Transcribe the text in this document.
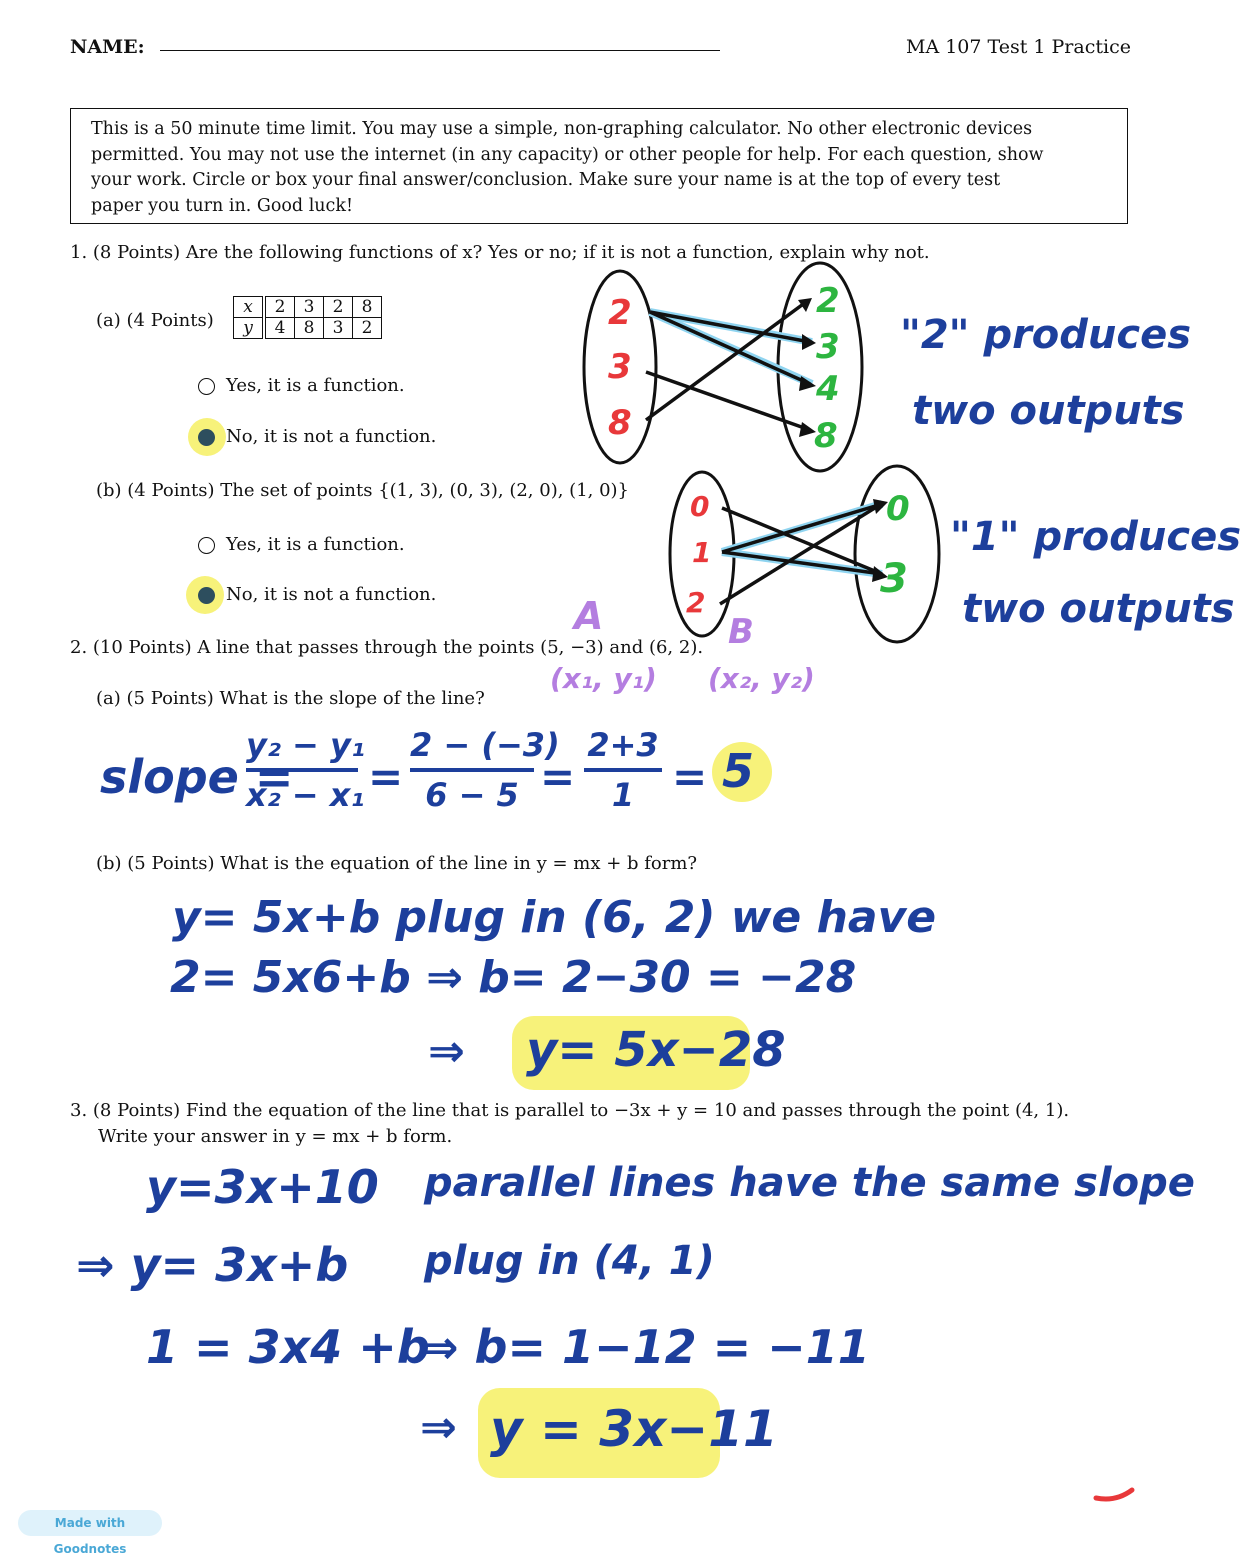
NAME:	MA 107 Test 1 Practice
This is a 50 minute time limit. You may use a simple, non-graphing calculator. No other electronic devices
permitted. You may not use the internet (in any capacity) or other people for help. For each question, show
your work. Circle or box your final answer/conclusion. Make sure your name is at the top of every test
paper you turn in. Good luck!
1. (8 Points) Are the following functions of x? Yes or no; if it is not a function, explain why not.
(a) (4 Points)
x	2	3	2	8
y	4	8	3	2
Yes, it is a function.
No, it is not a function.
(b) (4 Points) The set of points {(1, 3), (0, 3), (2, 0), (1, 0)}
Yes, it is a function.
No, it is not a function.
2
3
8
2
3
4
8
"2" produces
two outputs
0
1
2
0
3
"1" produces
two outputs
2. (10 Points) A line that passes through the points (5, −3) and (6, 2).
A
(x₁, y₁)
B
(x₂, y₂)
(a) (5 Points) What is the slope of the line?
slope =
y₂ − y₁
x₂ − x₁ =
2 − (−3)
6 − 5 =
2+3
1 = 5
(b) (5 Points) What is the equation of the line in y = mx + b form?
y= 5x+b plug in (6, 2) we have
2= 5x6+b ⇒ b= 2−30 = −28
⇒ y= 5x−28
3. (8 Points) Find the equation of the line that is parallel to −3x + y = 10 and passes through the point (4, 1).
Write your answer in y = mx + b form.
y=3x+10 parallel lines have the same slope
⇒ y= 3x+b plug in (4, 1)
1 = 3x4 +b
⇒ b= 1−12 = −11
⇒ y = 3x−11
Made with Goodnotes
